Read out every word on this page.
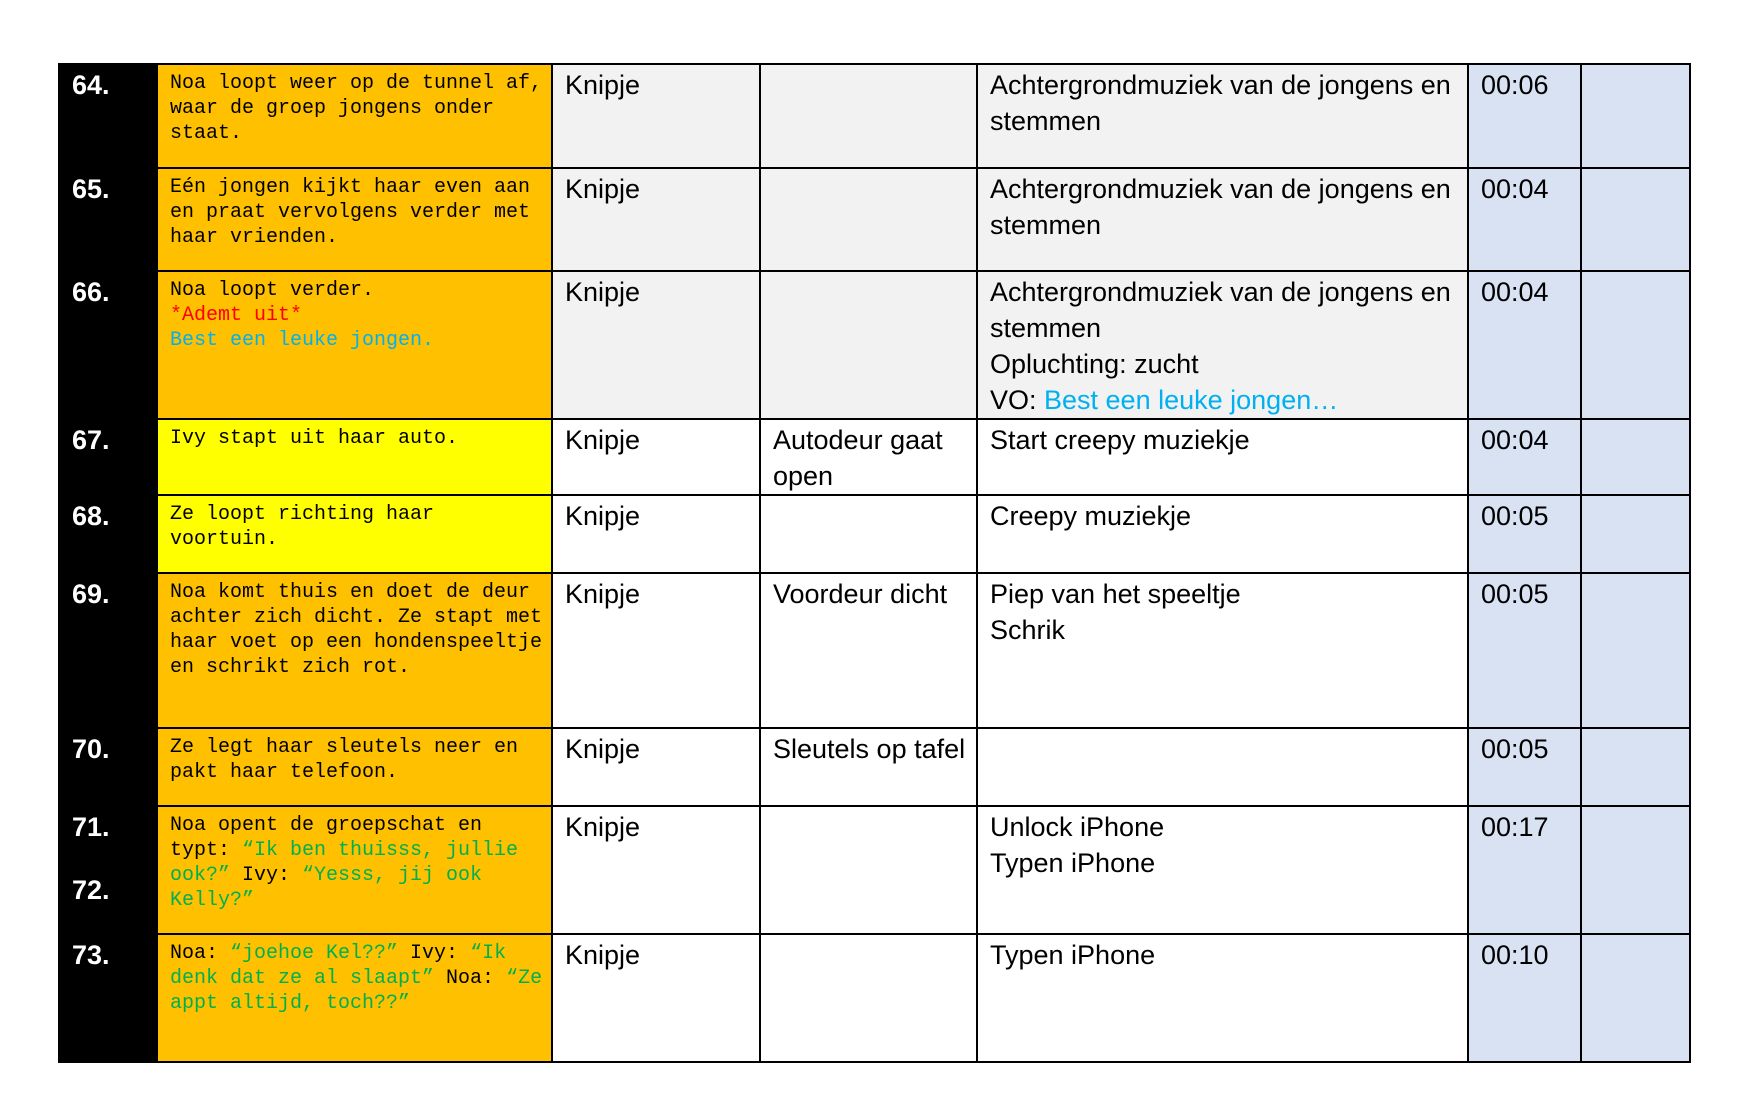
64.	Noa loopt weer op de tunnel af, waar de groep jongens onder staat.	Knipje		Achtergrondmuziek van de jongens en stemmen	00:06	

65.	Eén jongen kijkt haar even aan en praat vervolgens verder met haar vrienden.	Knipje		Achtergrondmuziek van de jongens en stemmen	00:04	

66.	Noa loopt verder.
*Ademt uit*
Best een leuke jongen.	Knipje		Achtergrondmuziek van de jongens en stemmen
Opluchting: zucht
VO: Best een leuke jongen…	00:04	

67.	Ivy stapt uit haar auto.	Knipje	Autodeur gaat open	Start creepy muziekje	00:04	

68.	Ze loopt richting haar voortuin.	Knipje		Creepy muziekje	00:05	

69.	Noa komt thuis en doet de deur achter zich dicht. Ze stapt met haar voet op een hondenspeeltje en schrikt zich rot.	Knipje	Voordeur dicht	Piep van het speeltje
Schrik	00:05	

70.	Ze legt haar sleutels neer en pakt haar telefoon.	Knipje	Sleutels op tafel		00:05	

71.
72.	Noa opent de groepschat en typt: “Ik ben thuisss, jullie ook?” Ivy: “Yesss, jij ook Kelly?”	Knipje		Unlock iPhone
Typen iPhone	00:17	

73.	Noa: “joehoe Kel??” Ivy: “Ik denk dat ze al slaapt” Noa: “Ze appt altijd, toch??”	Knipje		Typen iPhone	00:10	
